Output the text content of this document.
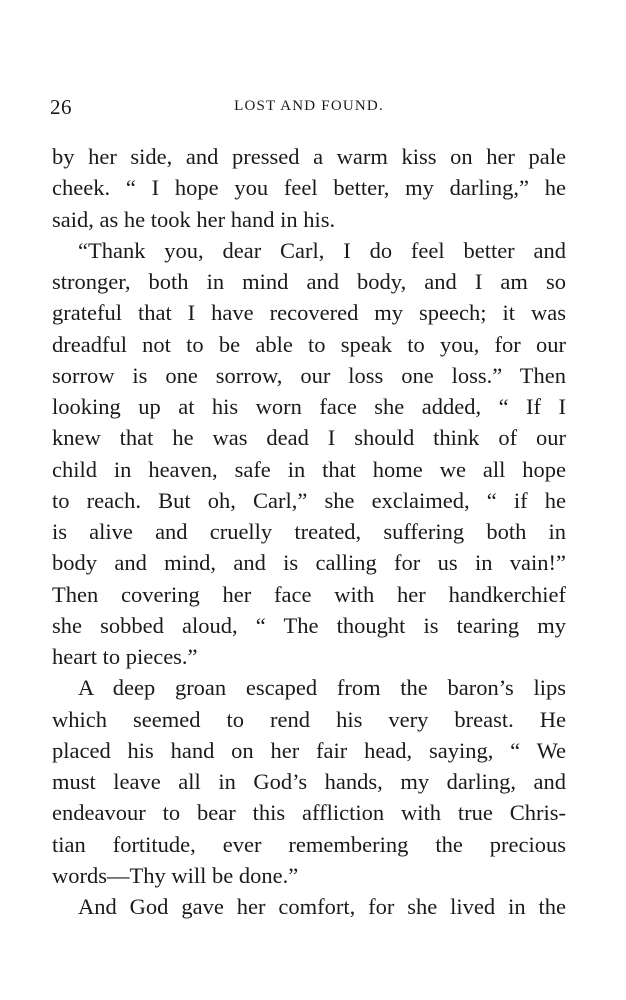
26	LOST AND FOUND.
by her side, and pressed a warm kiss on her pale
cheek. “ I hope you feel better, my darling,” he
said, as he took her hand in his.
“Thank you, dear Carl, I do feel better and
stronger, both in mind and body, and I am so
grateful that I have recovered my speech; it was
dreadful not to be able to speak to you, for our
sorrow is one sorrow, our loss one loss.” Then
looking up at his worn face she added, “ If I
knew that he was dead I should think of our
child in heaven, safe in that home we all hope
to reach. But oh, Carl,” she exclaimed, “ if he
is alive and cruelly treated, suffering both in
body and mind, and is calling for us in vain!”
Then covering her face with her handkerchief
she sobbed aloud, “ The thought is tearing my
heart to pieces.”
A deep groan escaped from the baron’s lips
which seemed to rend his very breast. He
placed his hand on her fair head, saying, “ We
must leave all in God’s hands, my darling, and
endeavour to bear this affliction with true Chris-
tian fortitude, ever remembering the precious
words—Thy will be done.”
And God gave her comfort, for she lived in the
